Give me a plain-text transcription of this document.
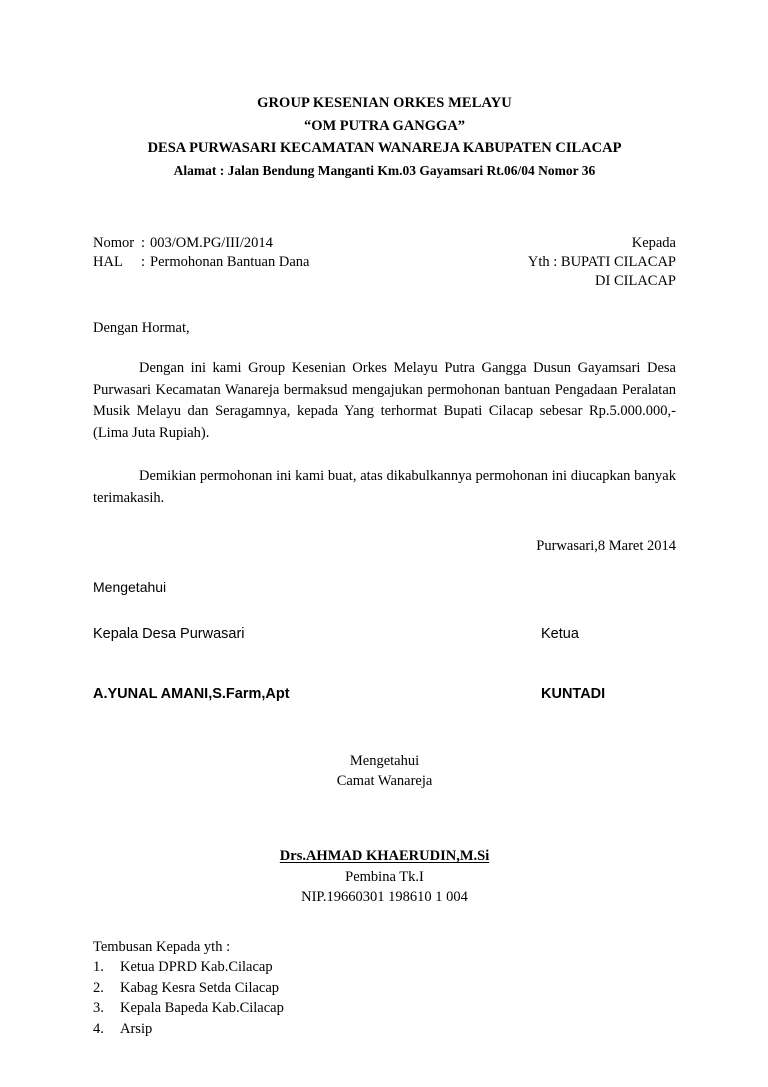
GROUP KESENIAN ORKES MELAYU
“OM PUTRA GANGGA”
DESA PURWASARI KECAMATAN WANAREJA KABUPATEN CILACAP
Alamat : Jalan Bendung Manganti Km.03 Gayamsari Rt.06/04 Nomor 36
Nomor : 003/OM.PG/III/2014
HAL	: Permohonan Bantuan Dana
Kepada
Yth : BUPATI CILACAP
DI CILACAP
Dengan Hormat,

Dengan ini kami Group Kesenian Orkes Melayu Putra Gangga Dusun Gayamsari Desa Purwasari Kecamatan Wanareja bermaksud mengajukan permohonan bantuan Pengadaan Peralatan Musik Melayu dan Seragamnya, kepada Yang terhormat Bupati Cilacap sebesar Rp.5.000.000,- (Lima Juta Rupiah).

Demikian permohonan ini kami buat, atas dikabulkannya permohonan ini diucapkan banyak terimakasih.

Purwasari,8 Maret 2014
Mengetahui
Kepala Desa Purwasari	Ketua
A.YUNAL AMANI,S.Farm,Apt	KUNTADI
Mengetahui
Camat Wanareja
Drs.AHMAD KHAERUDIN,M.Si
Pembina Tk.I
NIP.19660301 198610 1 004
Tembusan Kepada yth :
1.	Ketua DPRD Kab.Cilacap
2.	Kabag Kesra Setda Cilacap
3.	Kepala Bapeda Kab.Cilacap
4.	Arsip
